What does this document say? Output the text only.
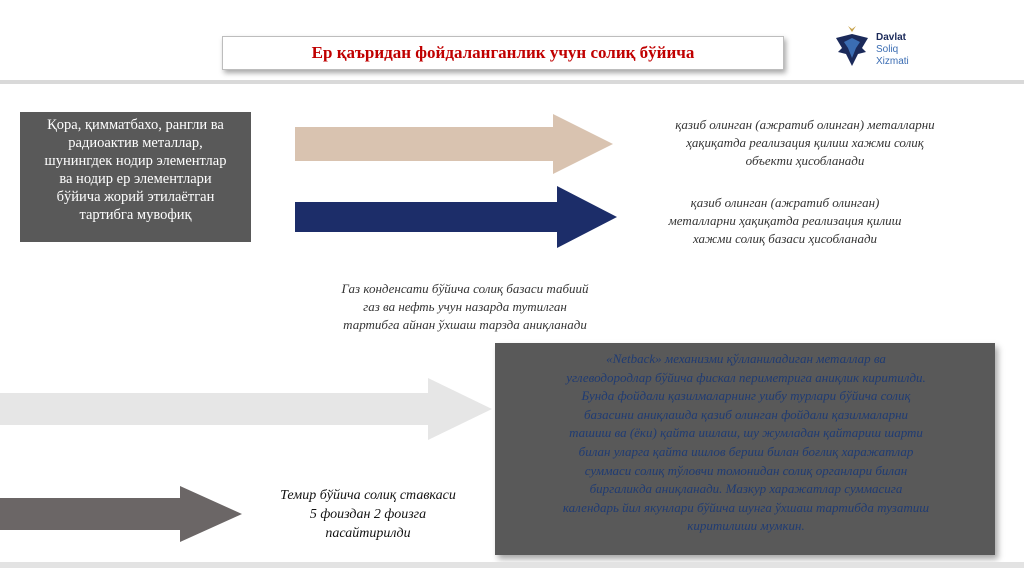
Ер қаъридан фойдаланганлик учун солиқ бўйича
Davlat
Soliq
Xizmati
Қора, қимматбахо, рангли ва
радиоактив металлар,
шунингдек нодир элементлар
ва нодир ер элементлари
бўйича жорий этилаётган
тартибга мувофиқ
қазиб олинган (ажратиб олинган) металларни
ҳақиқатда реализация қилиш хажми солиқ
объекти ҳисобланади
қазиб олинган (ажратиб олинган)
металларни ҳақиқатда реализация қилиш
хажми солиқ базаси ҳисобланади
Газ конденсати бўйича солиқ базаси табиий
газ ва нефть учун назарда тутилган
тартибга айнан ўхшаш тарзда аниқланади
«Netback» механизми қўлланиладиган металлар ва
углеводородлар бўйича фискал периметрига аниқлик киритилди.
Бунда фойдали қазилмаларнинг ушбу турлари бўйича солиқ
базасини аниқлашда қазиб олинган фойдали қазилмаларни
ташиш ва (ёки) қайта ишлаш, шу жумладан қайтариш шарти
билан уларга қайта ишлов бериш билан боғлиқ харажатлар
суммаси солиқ тўловчи томонидан солиқ органлари билан
биргаликда аниқланади. Мазкур харажатлар суммасига
календарь йил якунлари бўйича шунга ўхшаш тартибда тузатиш
киритилиши мумкин.
Темир бўйича солиқ ставкаси
5 фоиздан 2 фоизга
пасайтирилди
